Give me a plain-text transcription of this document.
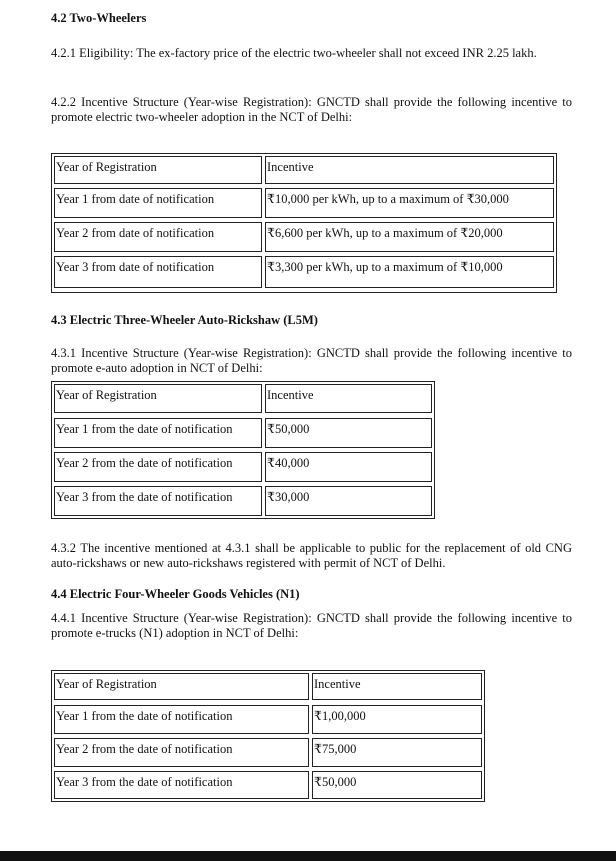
4.2 Two-Wheelers
4.2.1 Eligibility: The ex-factory price of the electric two-wheeler shall not exceed INR 2.25 lakh.
4.2.2 Incentive Structure (Year-wise Registration): GNCTD shall provide the following incentive to promote electric two-wheeler adoption in the NCT of Delhi:
Year of Registration	Incentive
Year 1 from date of notification	₹10,000 per kWh, up to a maximum of ₹30,000
Year 2 from date of notification	₹6,600 per kWh, up to a maximum of ₹20,000
Year 3 from date of notification	₹3,300 per kWh, up to a maximum of ₹10,000
4.3 Electric Three-Wheeler Auto-Rickshaw (L5M)
4.3.1 Incentive Structure (Year-wise Registration): GNCTD shall provide the following incentive to promote e-auto adoption in NCT of Delhi:
Year of Registration	Incentive
Year 1 from the date of notification	₹50,000
Year 2 from the date of notification	₹40,000
Year 3 from the date of notification	₹30,000
4.3.2 The incentive mentioned at 4.3.1 shall be applicable to public for the replacement of old CNG auto-rickshaws or new auto-rickshaws registered with permit of NCT of Delhi.
4.4 Electric Four-Wheeler Goods Vehicles (N1)
4.4.1 Incentive Structure (Year-wise Registration): GNCTD shall provide the following incentive to promote e-trucks (N1) adoption in NCT of Delhi:
Year of Registration	Incentive
Year 1 from the date of notification	₹1,00,000
Year 2 from the date of notification	₹75,000
Year 3 from the date of notification	₹50,000
